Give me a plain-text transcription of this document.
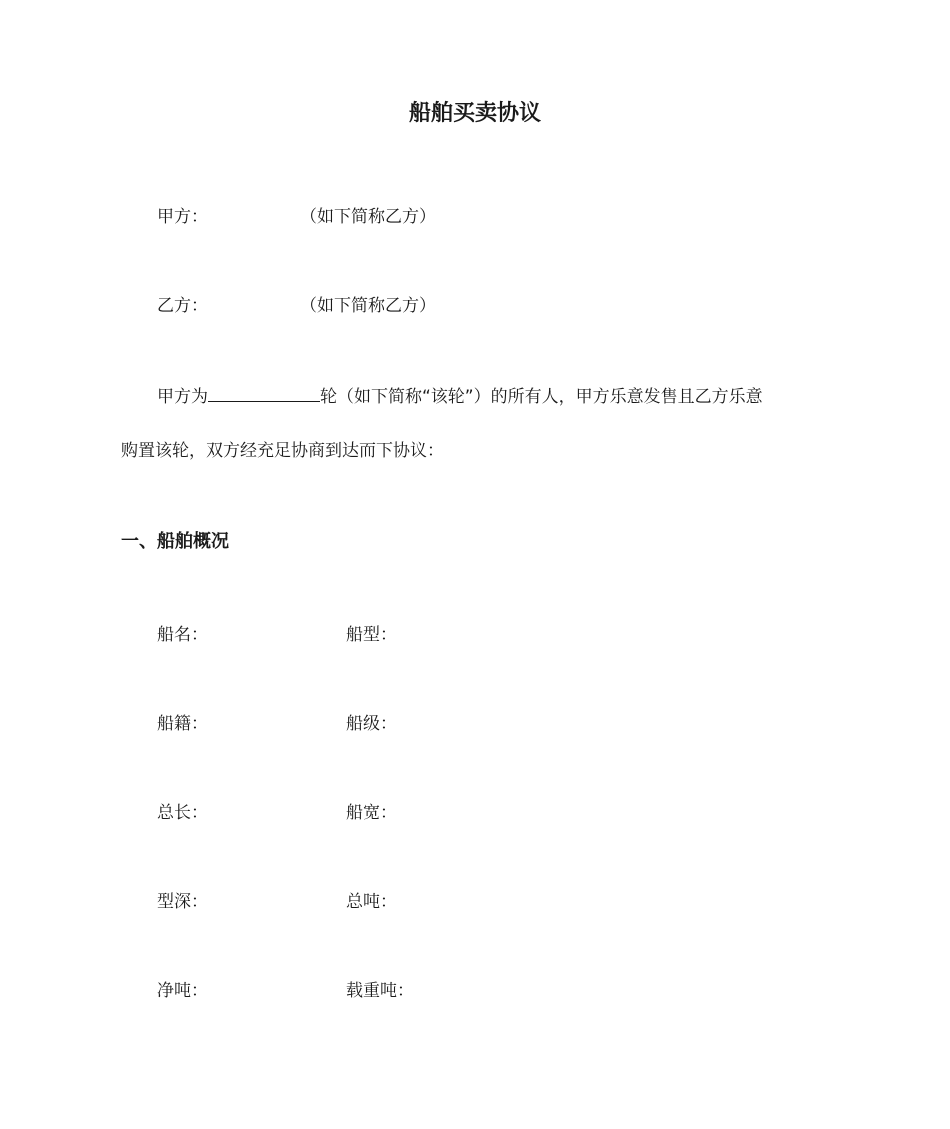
船舶买卖协议
甲方：	（如下简称乙方）
乙方：	（如下简称乙方）
甲方为	轮（如下简称“该轮”）的所有人，甲方乐意发售且乙方乐意
购置该轮，双方经充足协商到达而下协议：
一、船舶概况
船名：	船型：
船籍：	船级：
总长：	船宽：
型深：	总吨：
净吨：	载重吨：
